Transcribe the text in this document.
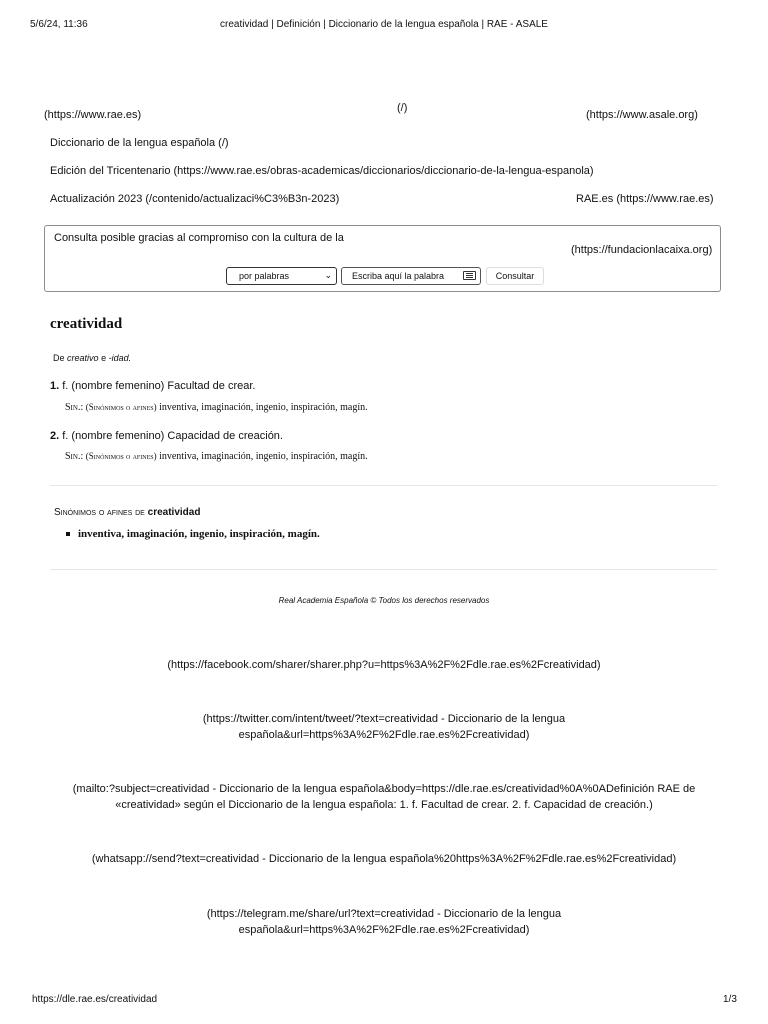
5/6/24, 11:36	creatividad | Definición | Diccionario de la lengua española | RAE - ASALE
(https://www.rae.es)
(/)
(https://www.asale.org)
Diccionario de la lengua española (/)
Edición del Tricentenario (https://www.rae.es/obras-academicas/diccionarios/diccionario-de-la-lengua-espanola)
Actualización 2023 (/contenido/actualizaci%C3%B3n-2023)	RAE.es (https://www.rae.es)
Consulta posible gracias al compromiso con la cultura de la
(https://fundacionlacaixa.org)
por palabras	⌄	Escriba aquí la palabra	Consultar
creatividad
De creativo e -idad.
1. f. (nombre femenino) Facultad de crear.
Sin.: (Sinónimos o afines) inventiva, imaginación, ingenio, inspiración, magín.
2. f. (nombre femenino) Capacidad de creación.
Sin.: (Sinónimos o afines) inventiva, imaginación, ingenio, inspiración, magín.
Sinónimos o afines de creatividad
inventiva, imaginación, ingenio, inspiración, magín.
Real Academia Española © Todos los derechos reservados
(https://facebook.com/sharer/sharer.php?u=https%3A%2F%2Fdle.rae.es%2Fcreatividad)
(https://twitter.com/intent/tweet/?text=creatividad - Diccionario de la lengua
española&url=https%3A%2F%2Fdle.rae.es%2Fcreatividad)
(mailto:?subject=creatividad - Diccionario de la lengua española&body=https://dle.rae.es/creatividad%0A%0ADefinición RAE de
«creatividad» según el Diccionario de la lengua española: 1. f. Facultad de crear. 2. f. Capacidad de creación.)
(whatsapp://send?text=creatividad - Diccionario de la lengua española%20https%3A%2F%2Fdle.rae.es%2Fcreatividad)
(https://telegram.me/share/url?text=creatividad - Diccionario de la lengua
española&url=https%3A%2F%2Fdle.rae.es%2Fcreatividad)
https://dle.rae.es/creatividad	1/3
